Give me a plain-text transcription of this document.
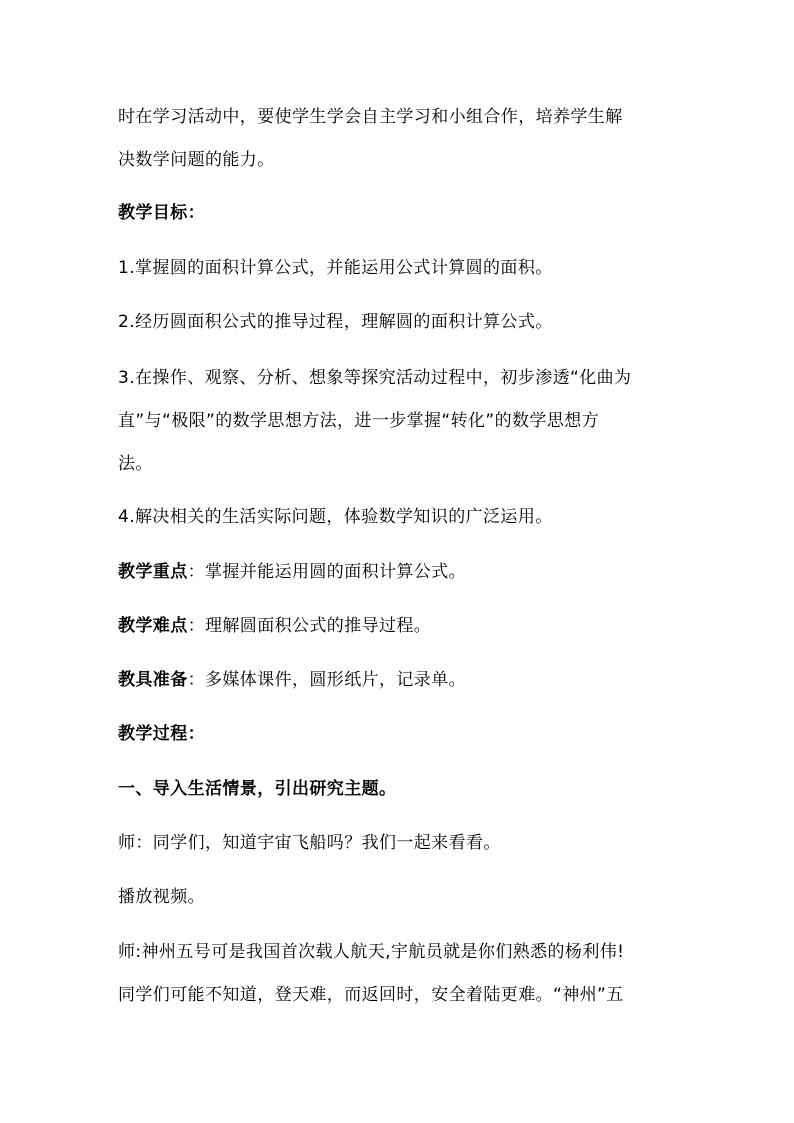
时在学习活动中，要使学生学会自主学习和小组合作，培养学生解
决数学问题的能力。
教学目标：
1.掌握圆的面积计算公式，并能运用公式计算圆的面积。
2.经历圆面积公式的推导过程，理解圆的面积计算公式。
3.在操作、观察、分析、想象等探究活动过程中，初步渗透“化曲为
直”与“极限”的数学思想方法，进一步掌握“转化”的数学思想方
法。
4.解决相关的生活实际问题，体验数学知识的广泛运用。
教学重点：掌握并能运用圆的面积计算公式。
教学难点：理解圆面积公式的推导过程。
教具准备：多媒体课件，圆形纸片，记录单。
教学过程：
一、导入生活情景，引出研究主题。
师：同学们，知道宇宙飞船吗？我们一起来看看。
播放视频。
师:神州五号可是我国首次载人航天,宇航员就是你们熟悉的杨利伟!
同学们可能不知道，登天难，而返回时，安全着陆更难。“神州”五
